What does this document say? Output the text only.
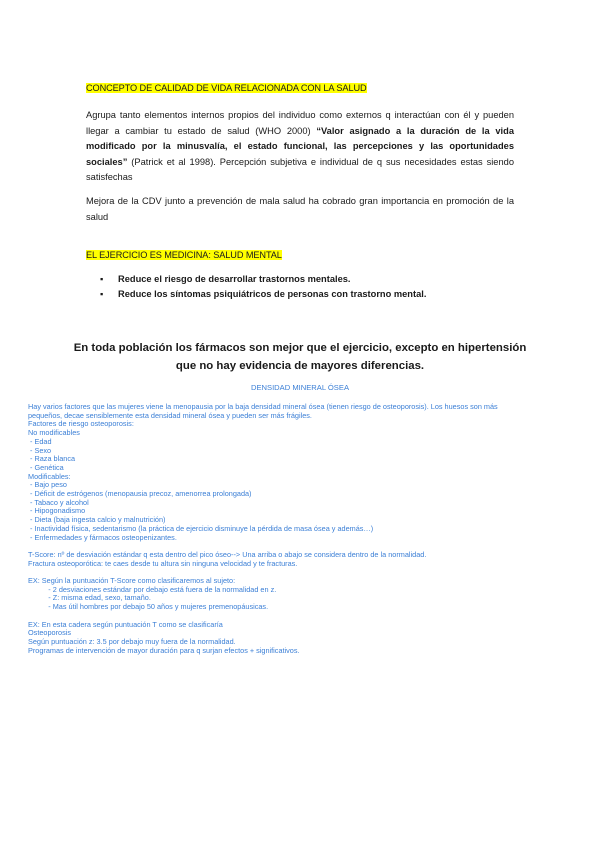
CONCEPTO DE CALIDAD DE VIDA RELACIONADA CON LA SALUD
Agrupa tanto elementos internos propios del individuo como externos q interactúan con él y pueden llegar a cambiar tu estado de salud (WHO 2000) “Valor asignado a la duración de la vida modificado por la minusvalía, el estado funcional, las percepciones y las oportunidades sociales” (Patrick et al 1998). Percepción subjetiva e individual de q sus necesidades estas siendo satisfechas
Mejora de la CDV junto a prevención de mala salud ha cobrado gran importancia en promoción de la salud
EL EJERCICIO ES MEDICINA: SALUD MENTAL
▪ Reduce el riesgo de desarrollar trastornos mentales.
▪ Reduce los síntomas psiquiátricos de personas con trastorno mental.
En toda población los fármacos son mejor que el ejercicio, excepto en hipertensión
que no hay evidencia de mayores diferencias.
DENSIDAD MINERAL ÓSEA
Hay varios factores que las mujeres viene la menopausia por la baja densidad mineral ósea (tienen riesgo de osteoporosis). Los huesos son más
pequeños, decae sensiblemente esta densidad mineral ósea y pueden ser más frágiles.
Factores de riesgo osteoporosis:
No modificables
- Edad
- Sexo
- Raza blanca
- Genética
Modificables:
- Bajo peso
- Déficit de estrógenos (menopausia precoz, amenorrea prolongada)
- Tabaco y alcohol
- Hipogonadismo
- Dieta (baja ingesta calcio y malnutrición)
- Inactividad física, sedentarismo (la práctica de ejercicio disminuye la pérdida de masa ósea y además…)
- Enfermedades y fármacos osteopenizantes.
T-Score: nº de desviación estándar q esta dentro del pico óseo--> Una arriba o abajo se considera dentro de la normalidad.
Fractura osteoporótica: te caes desde tu altura sin ninguna velocidad y te fracturas.
EX: Según la puntuación T-Score como clasificaremos al sujeto:
- 2 desviaciones estándar por debajo está fuera de la normalidad en z.
- Z: misma edad, sexo, tamaño.
- Mas útil hombres por debajo 50 años y mujeres premenopáusicas.
EX: En esta cadera según puntuación T como se clasificaría
Osteoporosis
Según puntuación z: 3.5 por debajo muy fuera de la normalidad.
Programas de intervención de mayor duración para q surjan efectos + significativos.
